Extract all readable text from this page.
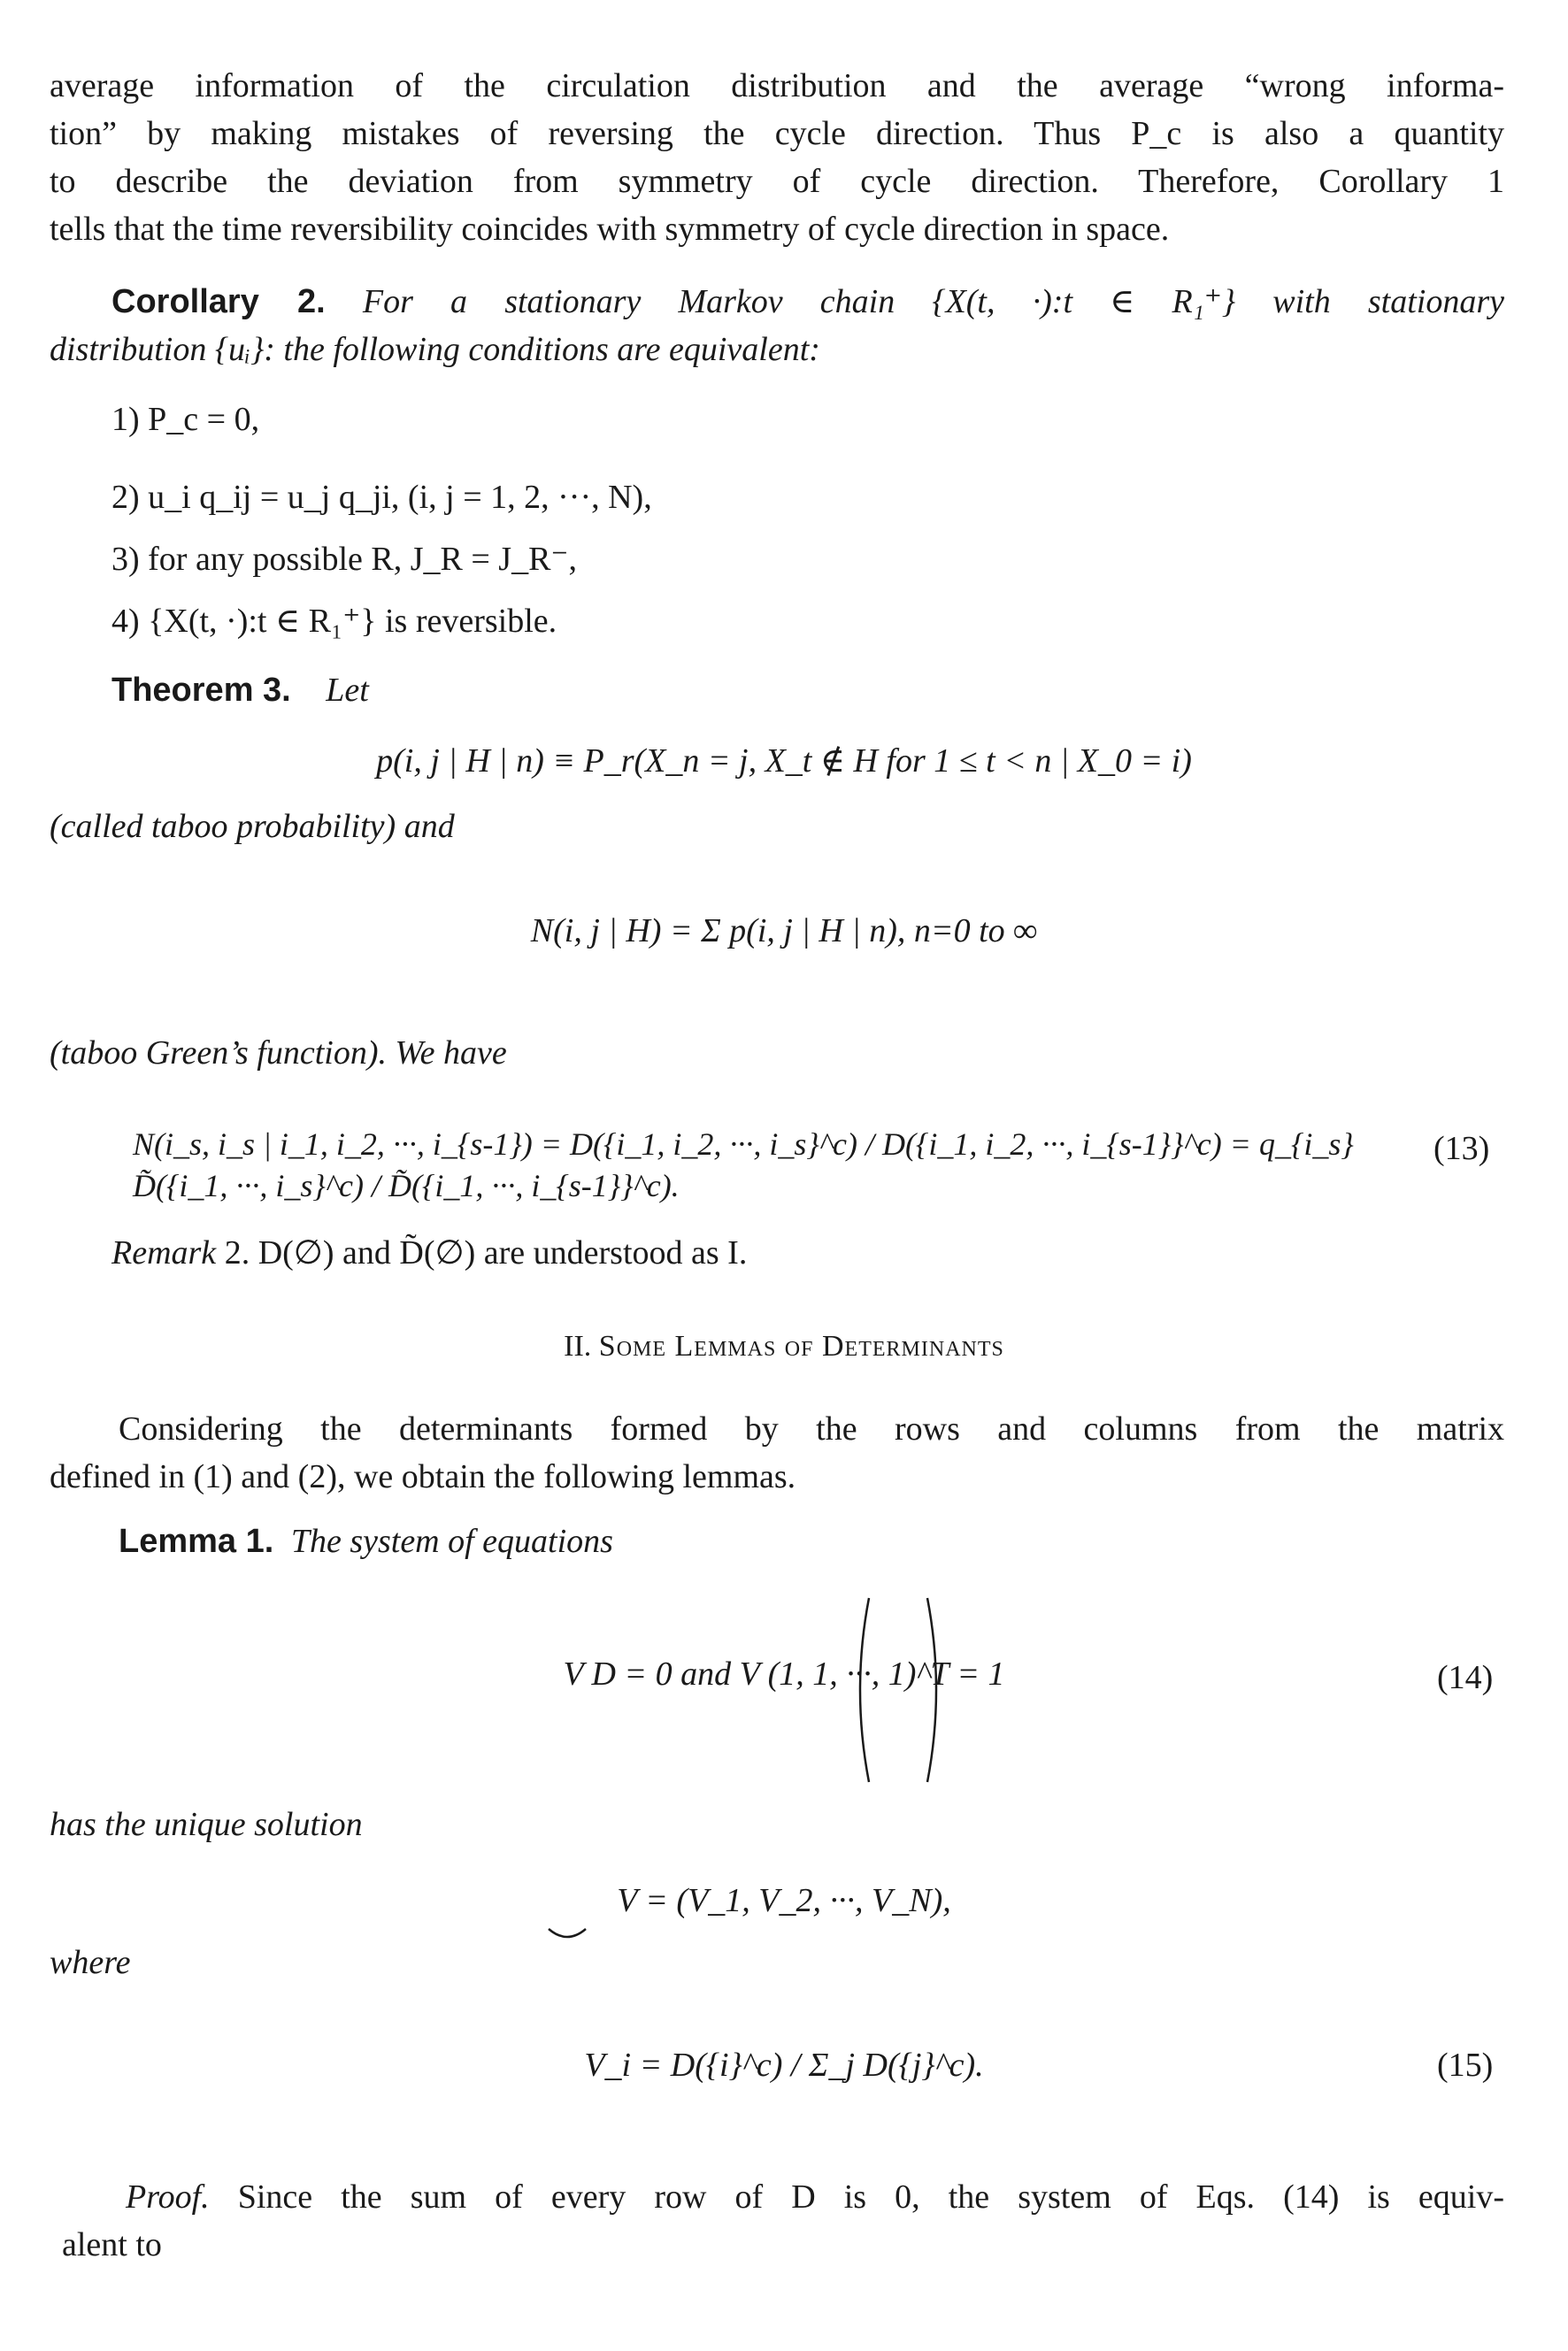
average information of the circulation distribution and the average “wrong informa-
tion” by making mistakes of reversing the cycle direction. Thus P_c is also a quantity
to describe the deviation from symmetry of cycle direction. Therefore, Corollary 1
tells that the time reversibility coincides with symmetry of cycle direction in space.
Corollary 2. For a stationary Markov chain {X(t, ·):t ∈ R₁⁺} with stationary
distribution {uᵢ}: the following conditions are equivalent:
1) P_c = 0,
2) u_i q_ij = u_j q_ji, (i, j = 1, 2, ···, N),
3) for any possible R, J_R = J_R⁻,
4) {X(t, ·):t ∈ R₁⁺} is reversible.
Theorem 3. Let
p(i, j | H | n) ≡ P_r(X_n = j, X_t ∉ H for 1 ≤ t < n | X_0 = i)
(called taboo probability) and
N(i, j | H) = Σ p(i, j | H | n), n=0 to ∞
(taboo Green’s function). We have
N(i_s, i_s | i_1, i_2, ···, i_{s-1}) = D({i_1, i_2, ···, i_s}^c) / D({i_1, i_2, ···, i_{s-1}}^c) = q_{i_s} D̃({i_1, ···, i_s}^c) / D̃({i_1, ···, i_{s-1}}^c).
(13)
Remark 2. D(∅) and D̃(∅) are understood as I.
II. Some Lemmas of Determinants
Considering the determinants formed by the rows and columns from the matrix
defined in (1) and (2), we obtain the following lemmas.
Lemma 1. The system of equations
V D = 0 and V (1, 1, ···, 1)^T = 1	(14)
has the unique solution
V = (V_1, V_2, ···, V_N),
where
V_i = D({i}^c) / Σ_j D({j}^c).	(15)
Proof. Since the sum of every row of D is 0, the system of Eqs. (14) is equiv-
alent to
